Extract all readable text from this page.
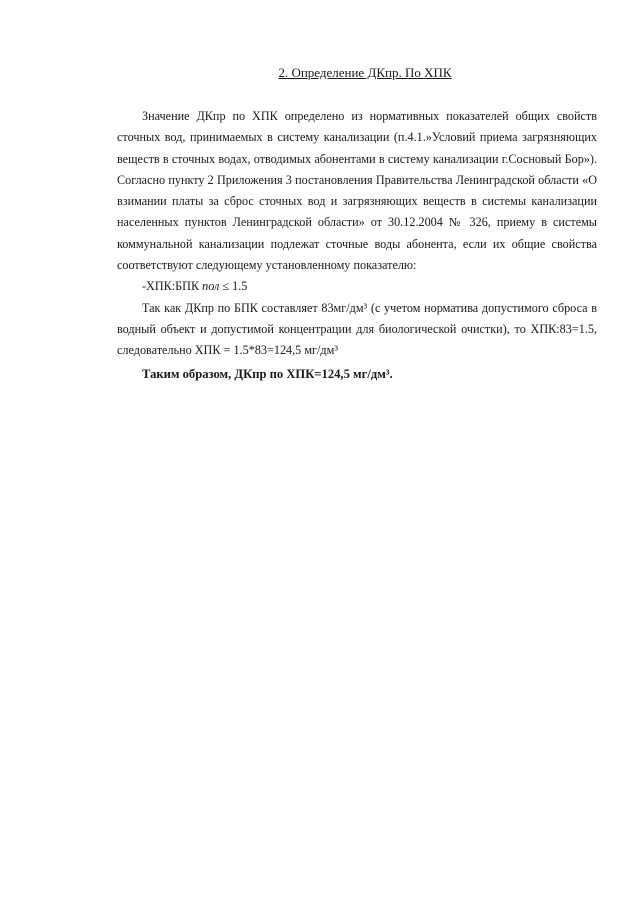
2. Определение ДКпр. По ХПК

Значение ДКпр по ХПК определено из нормативных показателей общих свойств сточных вод, принимаемых в систему канализации (п.4.1.»Условий приема загрязняющих веществ в сточных водах, отводимых абонентами в систему канализации г.Сосновый Бор»). Согласно пункту 2 Приложения 3 постановления Правительства Ленинградской области «О взимании платы за сброс сточных вод и загрязняющих веществ в системы канализации населенных пунктов Ленинградской области» от 30.12.2004 № 326, приему в системы коммунальной канализации подлежат сточные воды абонента, если их общие свойства соответствуют следующему установленному показателю:

-ХПК:БПК пол ≤ 1.5

Так как ДКпр по БПК составляет 83мг/дм³ (с учетом норматива допустимого сброса в водный объект и допустимой концентрации для биологической очистки), то ХПК:83=1.5, следовательно ХПК = 1.5*83=124,5 мг/дм³

Таким образом, ДКпр по ХПК=124,5 мг/дм³.
